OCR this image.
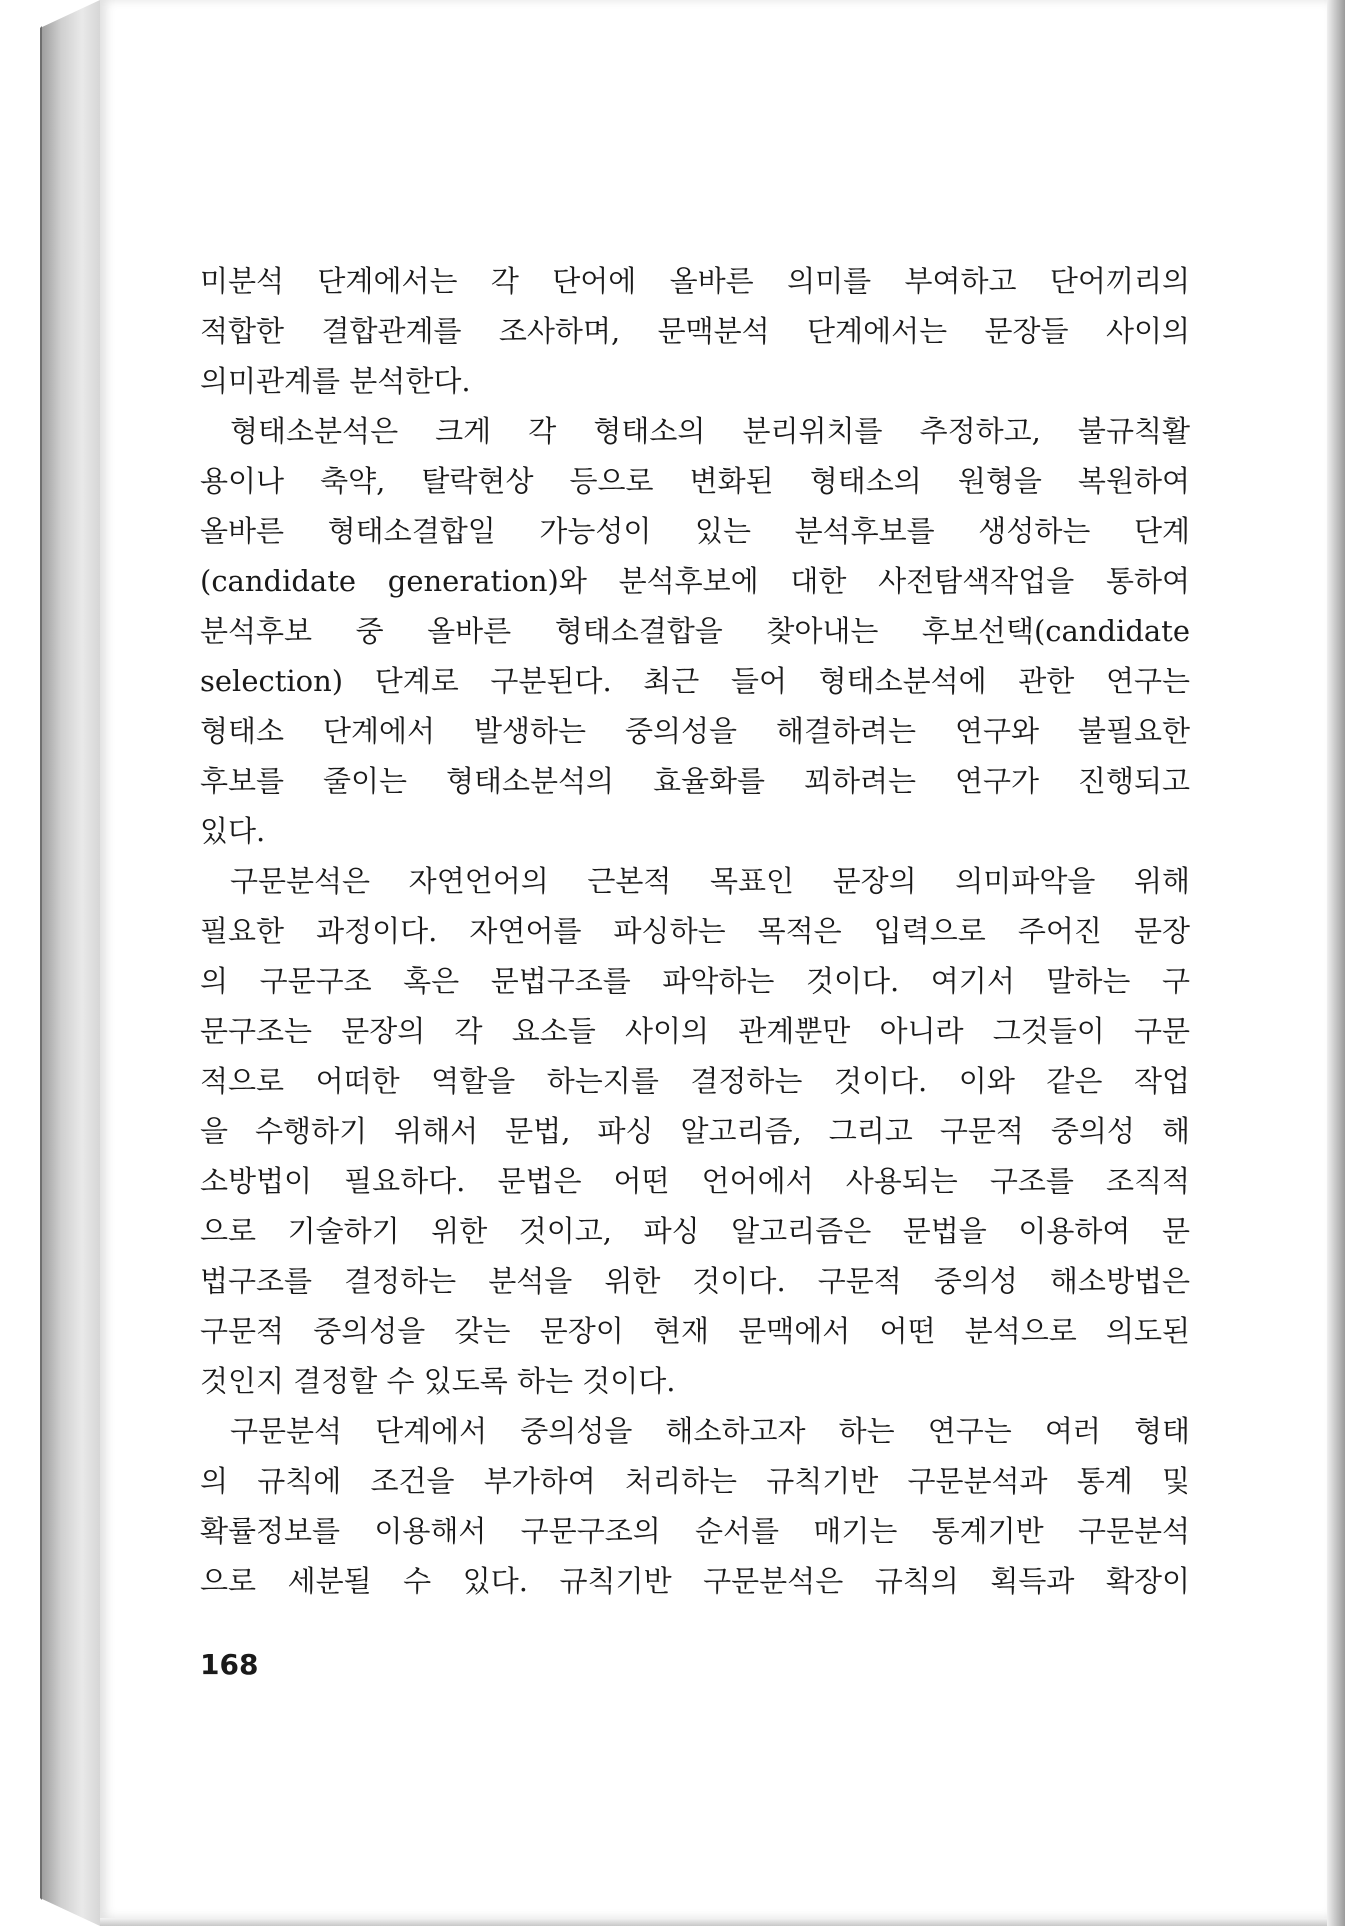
미분석 단계에서는 각 단어에 올바른 의미를 부여하고 단어끼리의
적합한 결합관계를 조사하며, 문맥분석 단계에서는 문장들 사이의
의미관계를 분석한다.
형태소분석은 크게 각 형태소의 분리위치를 추정하고, 불규칙활
용이나 축약, 탈락현상 등으로 변화된 형태소의 원형을 복원하여
올바른 형태소결합일 가능성이 있는 분석후보를 생성하는 단계
(candidate generation)와 분석후보에 대한 사전탐색작업을 통하여
분석후보 중 올바른 형태소결합을 찾아내는 후보선택(candidate
selection) 단계로 구분된다. 최근 들어 형태소분석에 관한 연구는
형태소 단계에서 발생하는 중의성을 해결하려는 연구와 불필요한
후보를 줄이는 형태소분석의 효율화를 꾀하려는 연구가 진행되고
있다.
구문분석은 자연언어의 근본적 목표인 문장의 의미파악을 위해
필요한 과정이다. 자연어를 파싱하는 목적은 입력으로 주어진 문장
의 구문구조 혹은 문법구조를 파악하는 것이다. 여기서 말하는 구
문구조는 문장의 각 요소들 사이의 관계뿐만 아니라 그것들이 구문
적으로 어떠한 역할을 하는지를 결정하는 것이다. 이와 같은 작업
을 수행하기 위해서 문법, 파싱 알고리즘, 그리고 구문적 중의성 해
소방법이 필요하다. 문법은 어떤 언어에서 사용되는 구조를 조직적
으로 기술하기 위한 것이고, 파싱 알고리즘은 문법을 이용하여 문
법구조를 결정하는 분석을 위한 것이다. 구문적 중의성 해소방법은
구문적 중의성을 갖는 문장이 현재 문맥에서 어떤 분석으로 의도된
것인지 결정할 수 있도록 하는 것이다.
구문분석 단계에서 중의성을 해소하고자 하는 연구는 여러 형태
의 규칙에 조건을 부가하여 처리하는 규칙기반 구문분석과 통계 및
확률정보를 이용해서 구문구조의 순서를 매기는 통계기반 구문분석
으로 세분될 수 있다. 규칙기반 구문분석은 규칙의 획득과 확장이
168
